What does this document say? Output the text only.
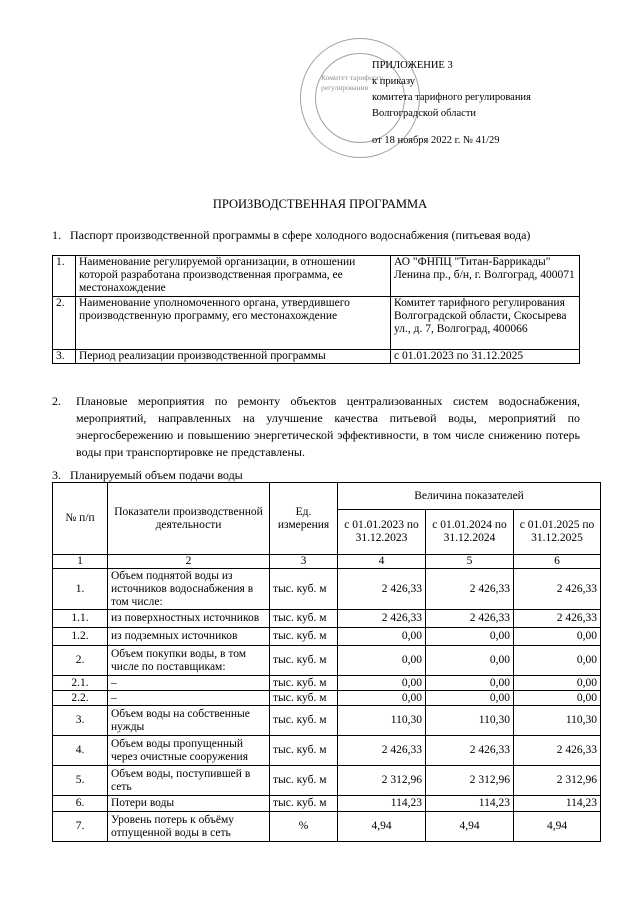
Комитет тарифного регулирования
ПРИЛОЖЕНИЕ 3
к приказу
комитета тарифного регулирования
Волгоградской области
от 18 ноября 2022 г. № 41/29
ПРОИЗВОДСТВЕННАЯ ПРОГРАММА
1. Паспорт производственной программы в сфере холодного водоснабжения (питьевая вода)
1.	Наименование регулируемой организации, в отношении которой разработана производственная программа, ее местонахождение	АО "ФНПЦ "Титан-Баррикады" Ленина пр., б/н, г. Волгоград, 400071
2.	Наименование уполномоченного органа, утвердившего производственную программу, его местонахождение	Комитет тарифного регулирования Волгоградской области, Скосырева ул., д. 7, Волгоград, 400066
3.	Период реализации производственной программы	с 01.01.2023 по 31.12.2025
2. Плановые мероприятия по ремонту объектов централизованных систем водоснабжения, мероприятий, направленных на улучшение качества питьевой воды, мероприятий по энергосбережению и повышению энергетической эффективности, в том числе снижению потерь воды при транспортировке не представлены.
3. Планируемый объем подачи воды
№ п/п	Показатели производственной деятельности	Ед. измерения	Величина показателей		
			с 01.01.2023 по 31.12.2023	с 01.01.2024 по 31.12.2024	с 01.01.2025 по 31.12.2025
1	2	3	4	5	6
1.	Объем поднятой воды из источников водоснабжения в том числе:	тыс. куб. м	2 426,33	2 426,33	2 426,33
1.1.	из поверхностных источников	тыс. куб. м	2 426,33	2 426,33	2 426,33
1.2.	из подземных источников	тыс. куб. м	0,00	0,00	0,00
2.	Объем покупки воды, в том числе по поставщикам:	тыс. куб. м	0,00	0,00	0,00
2.1.	–	тыс. куб. м	0,00	0,00	0,00
2.2.	–	тыс. куб. м	0,00	0,00	0,00
3.	Объем воды на собственные нужды	тыс. куб. м	110,30	110,30	110,30
4.	Объем воды пропущенный через очистные сооружения	тыс. куб. м	2 426,33	2 426,33	2 426,33
5.	Объем воды, поступившей в сеть	тыс. куб. м	2 312,96	2 312,96	2 312,96
6.	Потери воды	тыс. куб. м	114,23	114,23	114,23
7.	Уровень потерь к объёму отпущенной воды в сеть	%	4,94	4,94	4,94
